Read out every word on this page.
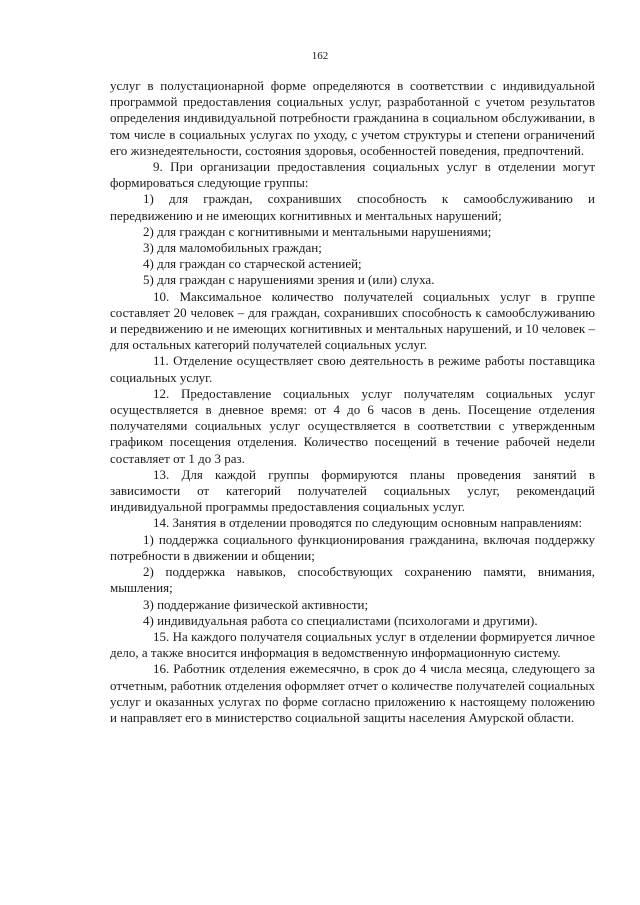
162

услуг в полустационарной форме определяются в соответствии с индивидуальной программой предоставления социальных услуг, разработанной с учетом результатов определения индивидуальной потребности гражданина в социальном обслуживании, в том числе в социальных услугах по уходу, с учетом структуры и степени ограничений его жизнедеятельности, состояния здоровья, особенностей поведения, предпочтений.

9. При организации предоставления социальных услуг в отделении могут формироваться следующие группы:

1) для граждан, сохранивших способность к самообслуживанию и передвижению и не имеющих когнитивных и ментальных нарушений;

2) для граждан с когнитивными и ментальными нарушениями;

3) для маломобильных граждан;

4) для граждан со старческой астенией;

5) для граждан с нарушениями зрения и (или) слуха.

10. Максимальное количество получателей социальных услуг в группе составляет 20 человек – для граждан, сохранивших способность к самообслуживанию и передвижению и не имеющих когнитивных и ментальных нарушений, и 10 человек – для остальных категорий получателей социальных услуг.

11. Отделение осуществляет свою деятельность в режиме работы поставщика социальных услуг.

12. Предоставление социальных услуг получателям социальных услуг осуществляется в дневное время: от 4 до 6 часов в день. Посещение отделения получателями социальных услуг осуществляется в соответствии с утвержденным графиком посещения отделения. Количество посещений в течение рабочей недели составляет от 1 до 3 раз.

13. Для каждой группы формируются планы проведения занятий в зависимости от категорий получателей социальных услуг, рекомендаций индивидуальной программы предоставления социальных услуг.

14. Занятия в отделении проводятся по следующим основным направлениям:

1) поддержка социального функционирования гражданина, включая поддержку потребности в движении и общении;

2) поддержка навыков, способствующих сохранению памяти, внимания, мышления;

3) поддержание физической активности;

4) индивидуальная работа со специалистами (психологами и другими).

15. На каждого получателя социальных услуг в отделении формируется личное дело, а также вносится информация в ведомственную информационную систему.

16. Работник отделения ежемесячно, в срок до 4 числа месяца, следующего за отчетным, работник отделения оформляет отчет о количестве получателей социальных услуг и оказанных услугах по форме согласно приложению к настоящему положению и направляет его в министерство социальной защиты населения Амурской области.
